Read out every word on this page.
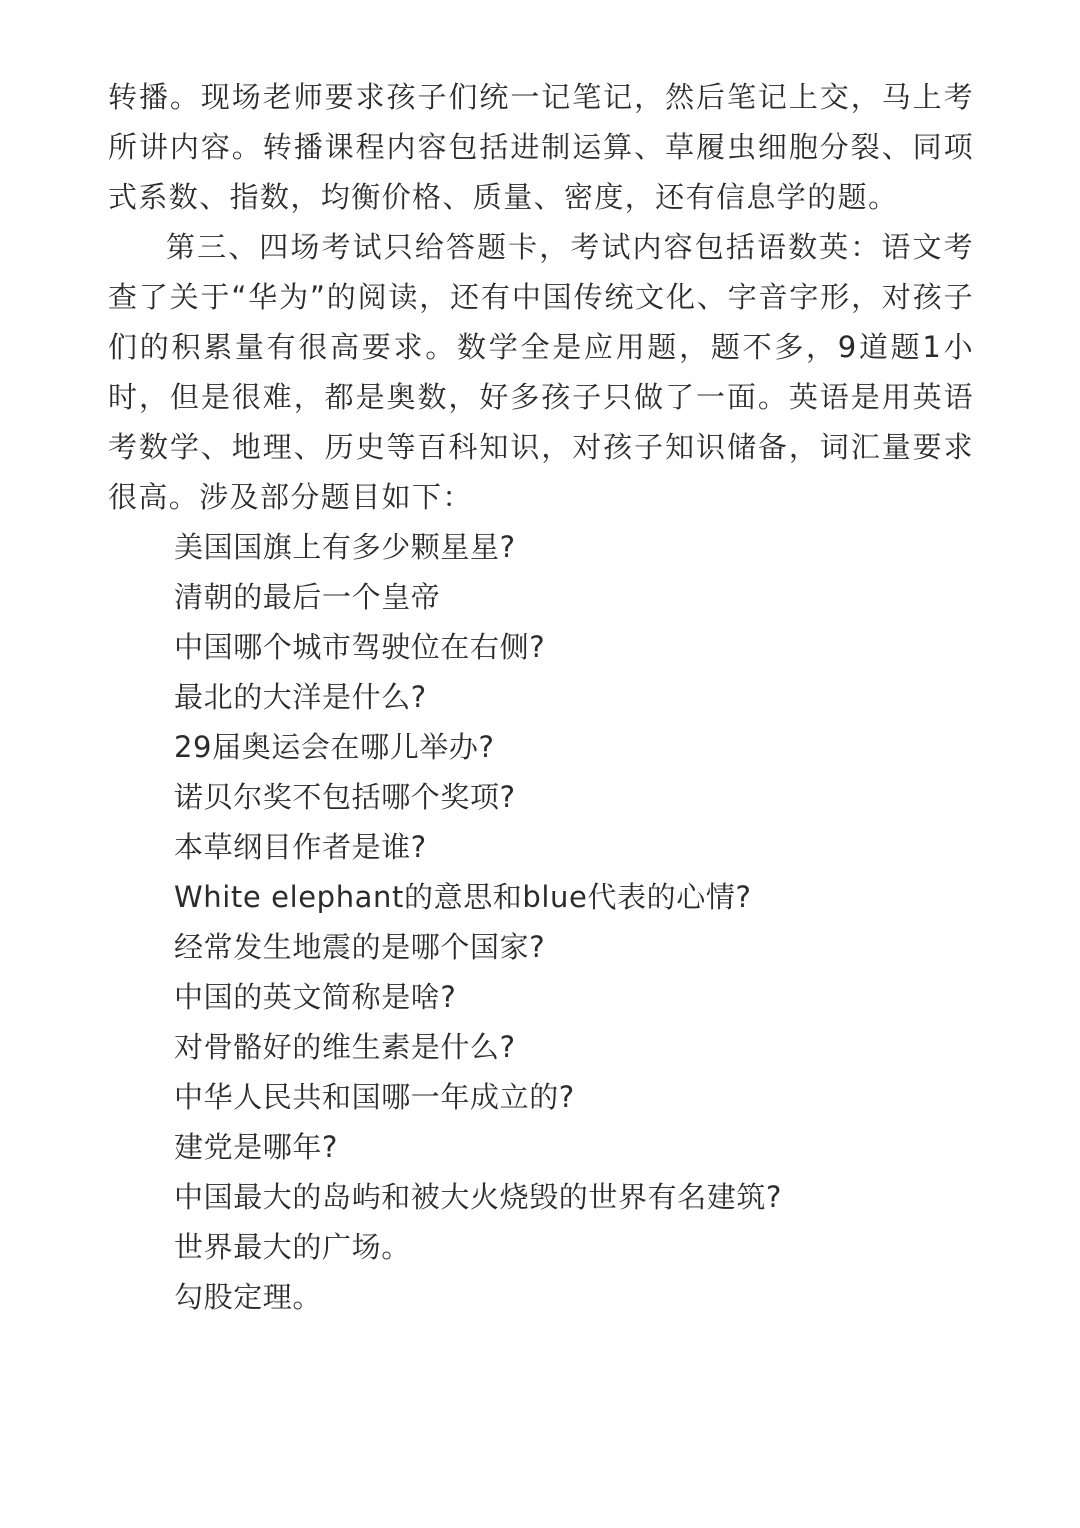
转播。现场老师要求孩子们统一记笔记，然后笔记上交，马上考所讲内容。转播课程内容包括进制运算、草履虫细胞分裂、同项式系数、指数，均衡价格、质量、密度，还有信息学的题。

第三、四场考试只给答题卡，考试内容包括语数英：语文考查了关于“华为”的阅读，还有中国传统文化、字音字形，对孩子们的积累量有很高要求。数学全是应用题，题不多，9道题1小时，但是很难，都是奥数，好多孩子只做了一面。英语是用英语考数学、地理、历史等百科知识，对孩子知识储备，词汇量要求很高。涉及部分题目如下：

美国国旗上有多少颗星星?
清朝的最后一个皇帝
中国哪个城市驾驶位在右侧?
最北的大洋是什么?
29届奥运会在哪儿举办?
诺贝尔奖不包括哪个奖项?
本草纲目作者是谁?
White elephant的意思和blue代表的心情?
经常发生地震的是哪个国家?
中国的英文简称是啥?
对骨骼好的维生素是什么?
中华人民共和国哪一年成立的?
建党是哪年?
中国最大的岛屿和被大火烧毁的世界有名建筑?
世界最大的广场。
勾股定理。
